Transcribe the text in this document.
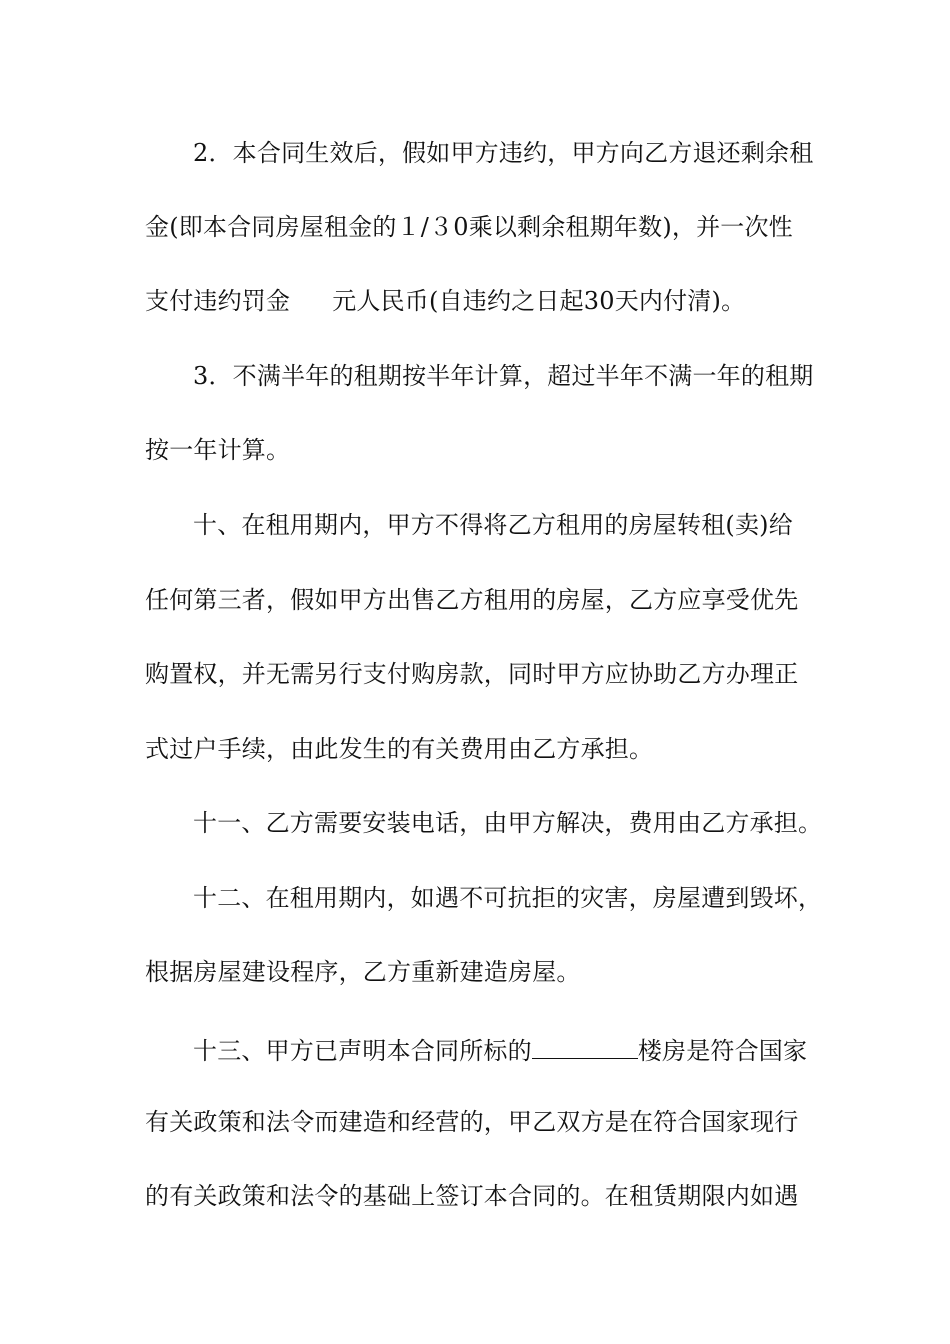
2．本合同生效后，假如甲方违约，甲方向乙方退还剩余租
金(即本合同房屋租金的１/３0乘以剩余租期年数)，并一次性
支付违约罚金 元人民币(自违约之日起30天内付清)。
3．不满半年的租期按半年计算，超过半年不满一年的租期
按一年计算。
十、在租用期内，甲方不得将乙方租用的房屋转租(卖)给
任何第三者，假如甲方出售乙方租用的房屋，乙方应享受优先
购置权，并无需另行支付购房款，同时甲方应协助乙方办理正
式过户手续，由此发生的有关费用由乙方承担。
十一、乙方需要安装电话，由甲方解决，费用由乙方承担。
十二、在租用期内，如遇不可抗拒的灾害，房屋遭到毁坏，
根据房屋建设程序，乙方重新建造房屋。
十三、甲方已声明本合同所标的	楼房是符合国家
有关政策和法令而建造和经营的，甲乙双方是在符合国家现行
的有关政策和法令的基础上签订本合同的。在租赁期限内如遇
